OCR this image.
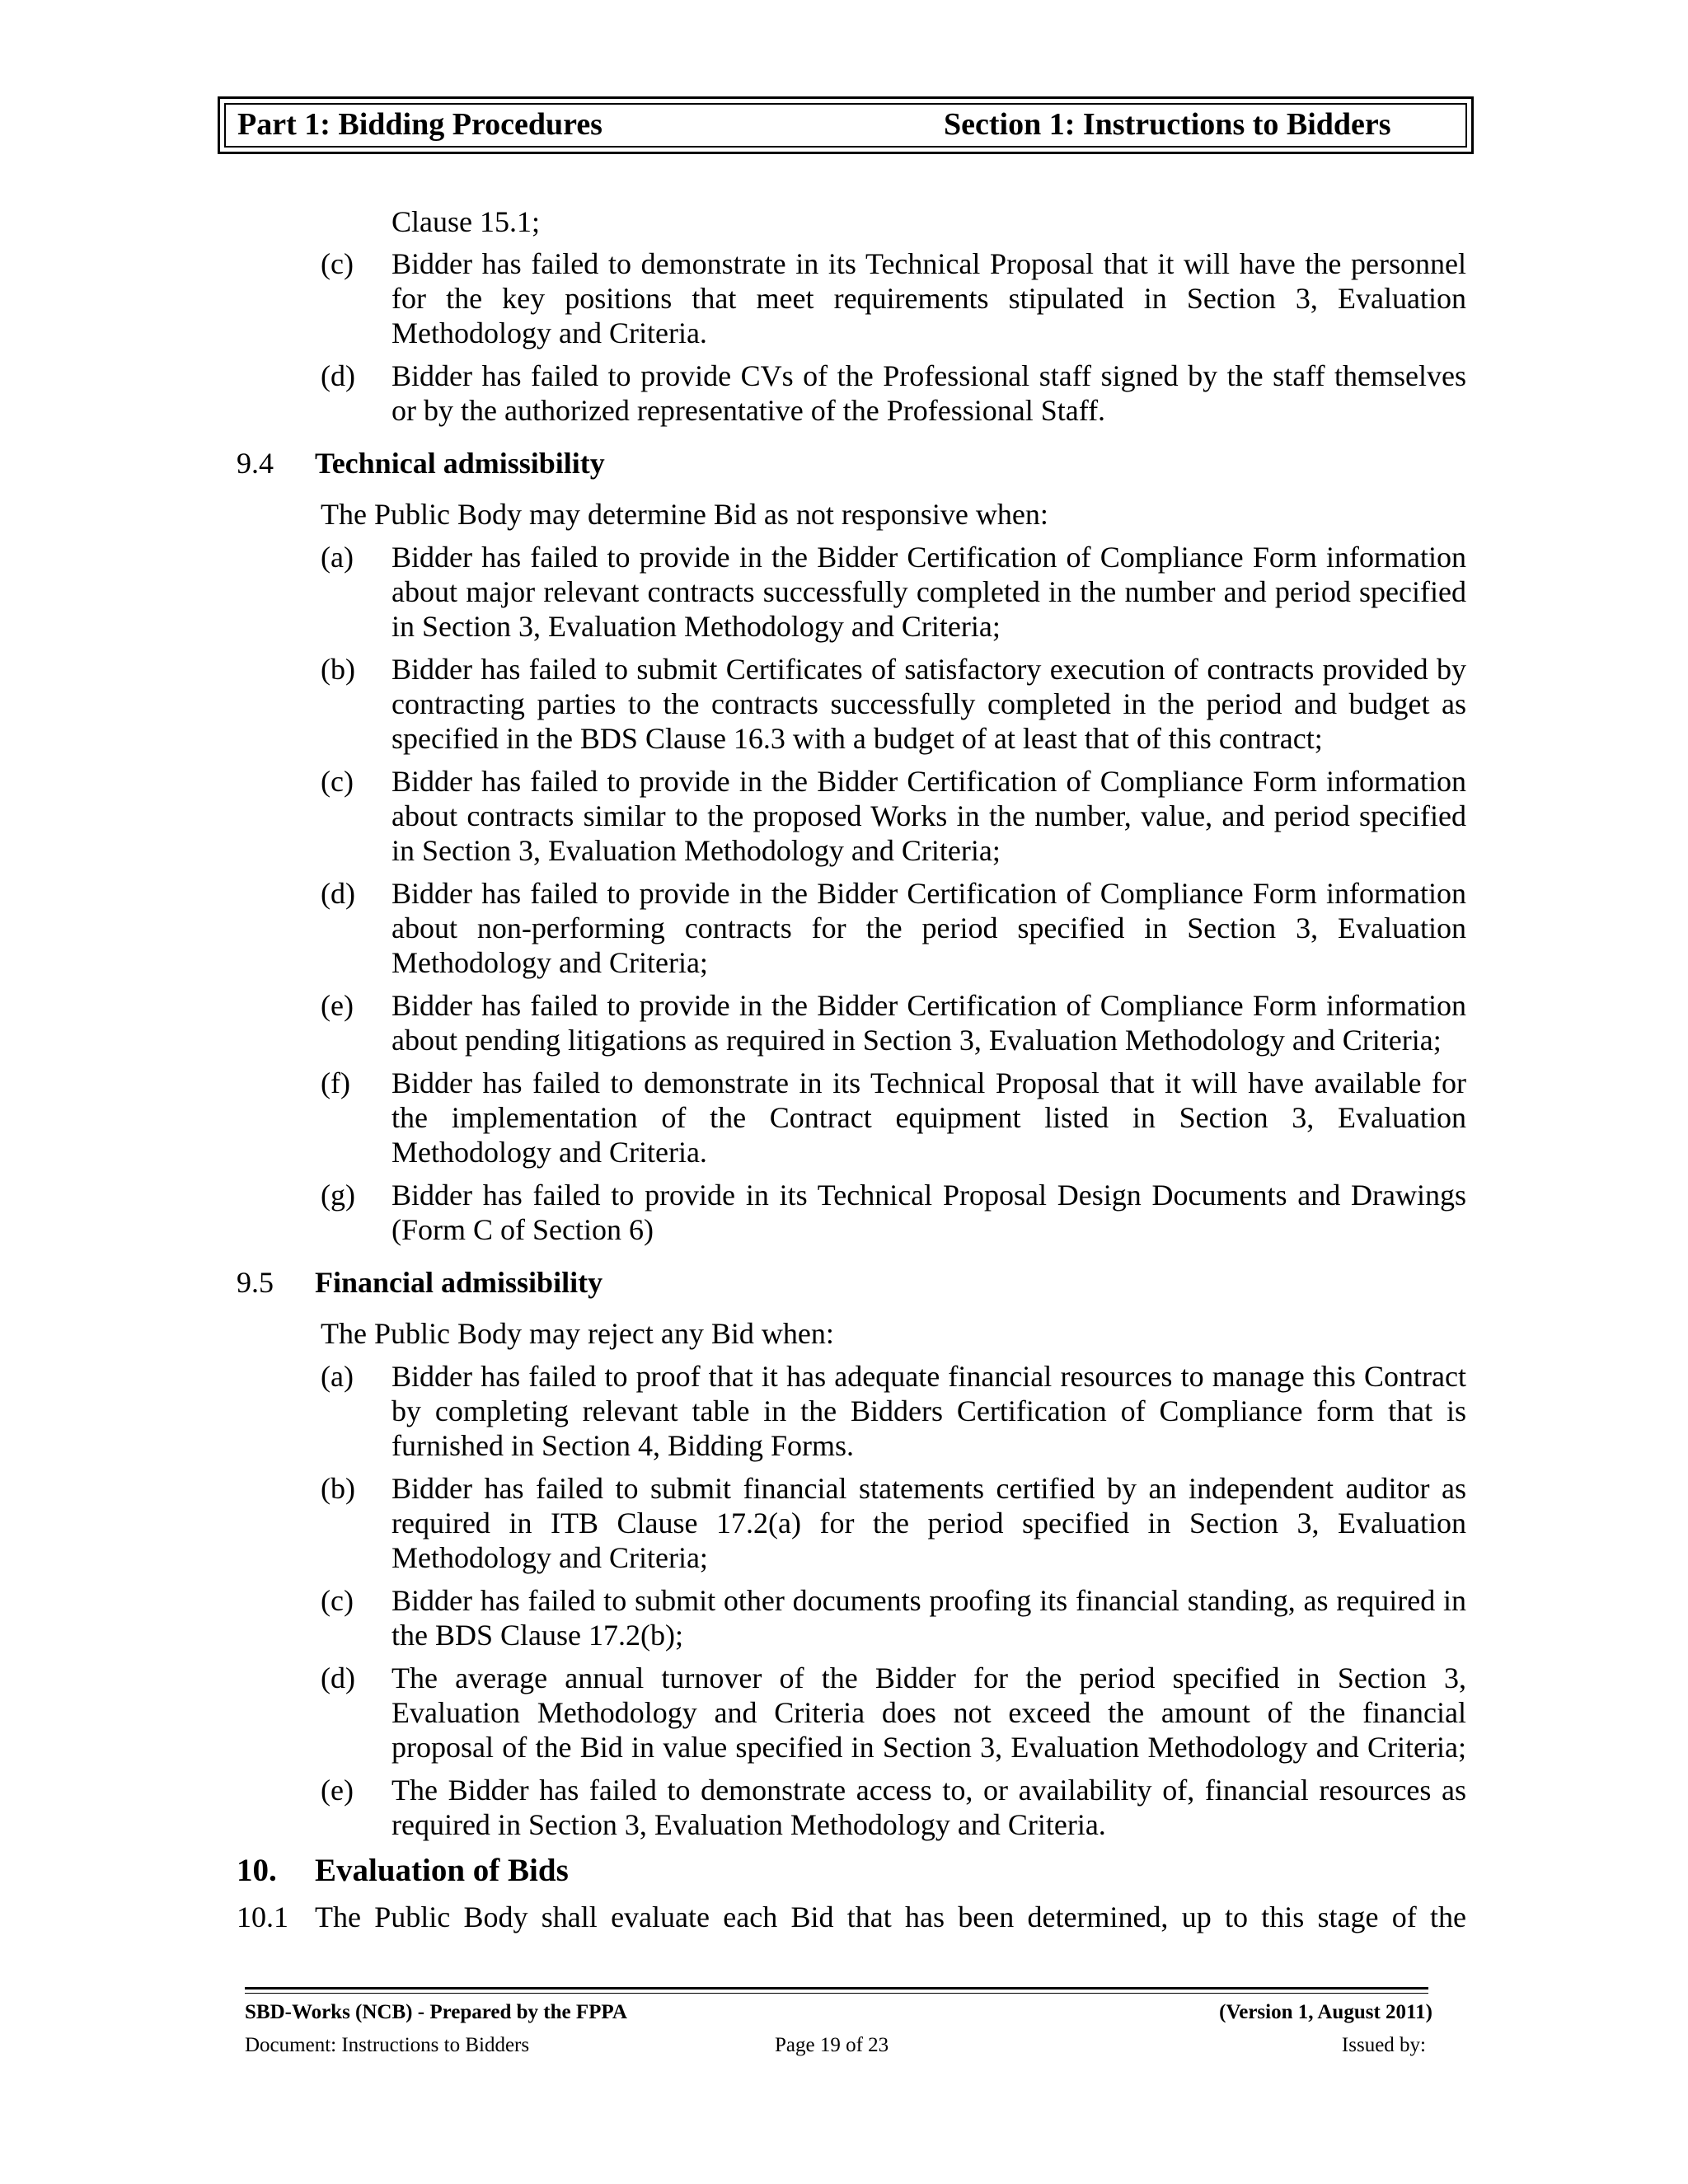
Part 1: Bidding Procedures	Section 1: Instructions to Bidders
Clause 15.1;
(c) Bidder has failed to demonstrate in its Technical Proposal that it will have the personnel
for the key positions that meet requirements stipulated in Section 3, Evaluation
Methodology and Criteria.
(d) Bidder has failed to provide CVs of the Professional staff signed by the staff themselves
or by the authorized representative of the Professional Staff.
9.4 Technical admissibility
The Public Body may determine Bid as not responsive when:
(a) Bidder has failed to provide in the Bidder Certification of Compliance Form information
about major relevant contracts successfully completed in the number and period specified
in Section 3, Evaluation Methodology and Criteria;
(b) Bidder has failed to submit Certificates of satisfactory execution of contracts provided by
contracting parties to the contracts successfully completed in the period and budget as
specified in the BDS Clause 16.3 with a budget of at least that of this contract;
(c) Bidder has failed to provide in the Bidder Certification of Compliance Form information
about contracts similar to the proposed Works in the number, value, and period specified
in Section 3, Evaluation Methodology and Criteria;
(d) Bidder has failed to provide in the Bidder Certification of Compliance Form information
about non-performing contracts for the period specified in Section 3, Evaluation
Methodology and Criteria;
(e) Bidder has failed to provide in the Bidder Certification of Compliance Form information
about pending litigations as required in Section 3, Evaluation Methodology and Criteria;
(f) Bidder has failed to demonstrate in its Technical Proposal that it will have available for
the implementation of the Contract equipment listed in Section 3, Evaluation
Methodology and Criteria.
(g) Bidder has failed to provide in its Technical Proposal Design Documents and Drawings
(Form C of Section 6)
9.5 Financial admissibility
The Public Body may reject any Bid when:
(a) Bidder has failed to proof that it has adequate financial resources to manage this Contract
by completing relevant table in the Bidders Certification of Compliance form that is
furnished in Section 4, Bidding Forms.
(b) Bidder has failed to submit financial statements certified by an independent auditor as
required in ITB Clause 17.2(a) for the period specified in Section 3, Evaluation
Methodology and Criteria;
(c) Bidder has failed to submit other documents proofing its financial standing, as required in
the BDS Clause 17.2(b);
(d) The average annual turnover of the Bidder for the period specified in Section 3,
Evaluation Methodology and Criteria does not exceed the amount of the financial
proposal of the Bid in value specified in Section 3, Evaluation Methodology and Criteria;
(e) The Bidder has failed to demonstrate access to, or availability of, financial resources as
required in Section 3, Evaluation Methodology and Criteria.
10. Evaluation of Bids
10.1 The Public Body shall evaluate each Bid that has been determined, up to this stage of the
SBD-Works (NCB) - Prepared by the FPPA	(Version 1, August 2011)
Document: Instructions to Bidders	Page 19 of 23	Issued by:
